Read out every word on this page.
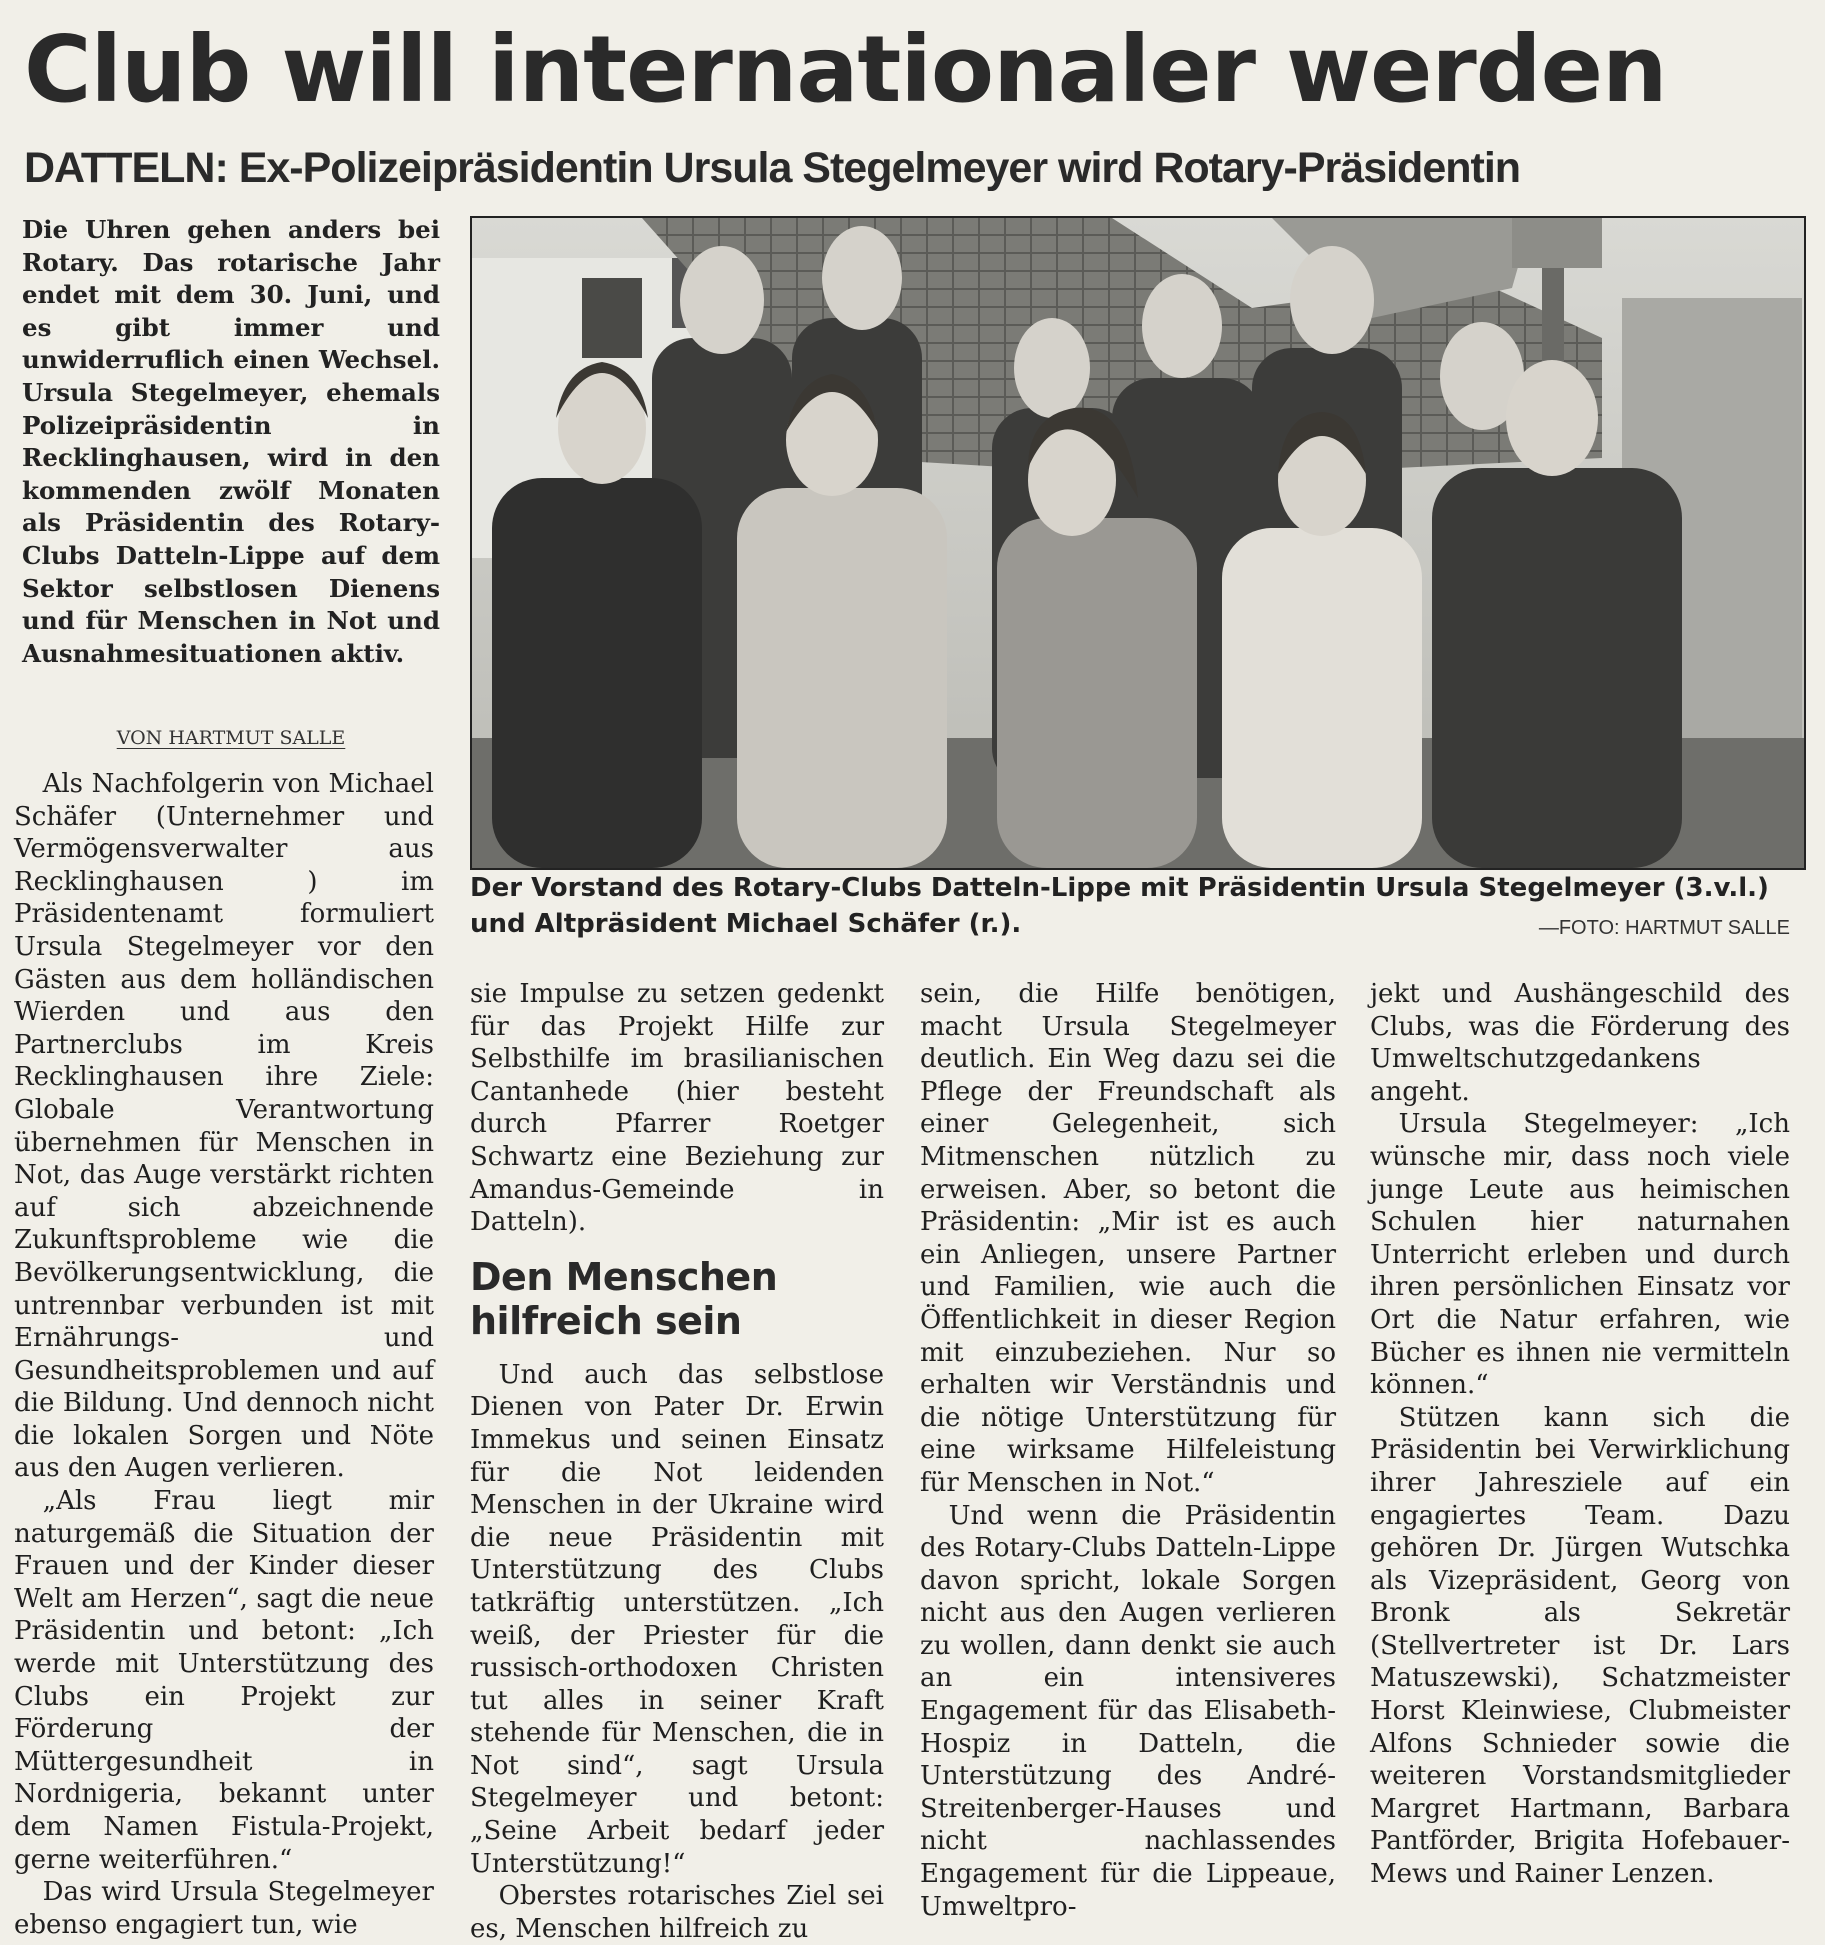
Club will internationaler werden
DATTELN: Ex-Polizeipräsidentin Ursula Stegelmeyer wird Rotary-Präsidentin

Die Uhren gehen anders bei Rotary. Das rotarische Jahr endet mit dem 30. Juni, und es gibt immer und unwiderruflich einen Wechsel. Ursula Stegelmeyer, ehemals Polizeipräsidentin in Recklinghausen, wird in den kommenden zwölf Monaten als Präsidentin des Rotary-Clubs Datteln-Lippe auf dem Sektor selbstlosen Dienens und für Menschen in Not und Ausnahmesituationen aktiv.

VON HARTMUT SALLE

Der Vorstand des Rotary-Clubs Datteln-Lippe mit Präsidentin Ursula Stegelmeyer (3.v.l.) und Altpräsident Michael Schäfer (r.).	—FOTO: HARTMUT SALLE

Als Nachfolgerin von Michael Schäfer (Unternehmer und Vermögensverwalter aus Recklinghausen ) im Präsidentenamt formuliert Ursula Stegelmeyer vor den Gästen aus dem holländischen Wierden und aus den Partnerclubs im Kreis Recklinghausen ihre Ziele: Globale Verantwortung übernehmen für Menschen in Not, das Auge verstärkt richten auf sich abzeichnende Zukunftsprobleme wie die Bevölkerungsentwicklung, die untrennbar verbunden ist mit Ernährungs- und Gesundheitsproblemen und auf die Bildung. Und dennoch nicht die lokalen Sorgen und Nöte aus den Augen verlieren.

„Als Frau liegt mir naturgemäß die Situation der Frauen und der Kinder dieser Welt am Herzen“, sagt die neue Präsidentin und betont: „Ich werde mit Unterstützung des Clubs ein Projekt zur Förderung der Müttergesundheit in Nordnigeria, bekannt unter dem Namen Fistula-Projekt, gerne weiterführen.“

Das wird Ursula Stegelmeyer ebenso engagiert tun, wie

sie Impulse zu setzen gedenkt für das Projekt Hilfe zur Selbsthilfe im brasilianischen Cantanhede (hier besteht durch Pfarrer Roetger Schwartz eine Beziehung zur Amandus-Gemeinde in Datteln).

Den Menschen hilfreich sein

Und auch das selbstlose Dienen von Pater Dr. Erwin Immekus und seinen Einsatz für die Not leidenden Menschen in der Ukraine wird die neue Präsidentin mit Unterstützung des Clubs tatkräftig unterstützen. „Ich weiß, der Priester für die russisch-orthodoxen Christen tut alles in seiner Kraft stehende für Menschen, die in Not sind“, sagt Ursula Stegelmeyer und betont: „Seine Arbeit bedarf jeder Unterstützung!“

Oberstes rotarisches Ziel sei es, Menschen hilfreich zu

sein, die Hilfe benötigen, macht Ursula Stegelmeyer deutlich. Ein Weg dazu sei die Pflege der Freundschaft als einer Gelegenheit, sich Mitmenschen nützlich zu erweisen. Aber, so betont die Präsidentin: „Mir ist es auch ein Anliegen, unsere Partner und Familien, wie auch die Öffentlichkeit in dieser Region mit einzubeziehen. Nur so erhalten wir Verständnis und die nötige Unterstützung für eine wirksame Hilfeleistung für Menschen in Not.“

Und wenn die Präsidentin des Rotary-Clubs Datteln-Lippe davon spricht, lokale Sorgen nicht aus den Augen verlieren zu wollen, dann denkt sie auch an ein intensiveres Engagement für das Elisabeth-Hospiz in Datteln, die Unterstützung des André-Streitenberger-Hauses und nicht nachlassendes Engagement für die Lippeaue, Umweltpro-

jekt und Aushängeschild des Clubs, was die Förderung des Umweltschutzgedankens angeht.

Ursula Stegelmeyer: „Ich wünsche mir, dass noch viele junge Leute aus heimischen Schulen hier naturnahen Unterricht erleben und durch ihren persönlichen Einsatz vor Ort die Natur erfahren, wie Bücher es ihnen nie vermitteln können.“

Stützen kann sich die Präsidentin bei Verwirklichung ihrer Jahresziele auf ein engagiertes Team. Dazu gehören Dr. Jürgen Wutschka als Vizepräsident, Georg von Bronk als Sekretär (Stellvertreter ist Dr. Lars Matuszewski), Schatzmeister Horst Kleinwiese, Clubmeister Alfons Schnieder sowie die weiteren Vorstandsmitglieder Margret Hartmann, Barbara Pantförder, Brigita Hofebauer-Mews und Rainer Lenzen.
